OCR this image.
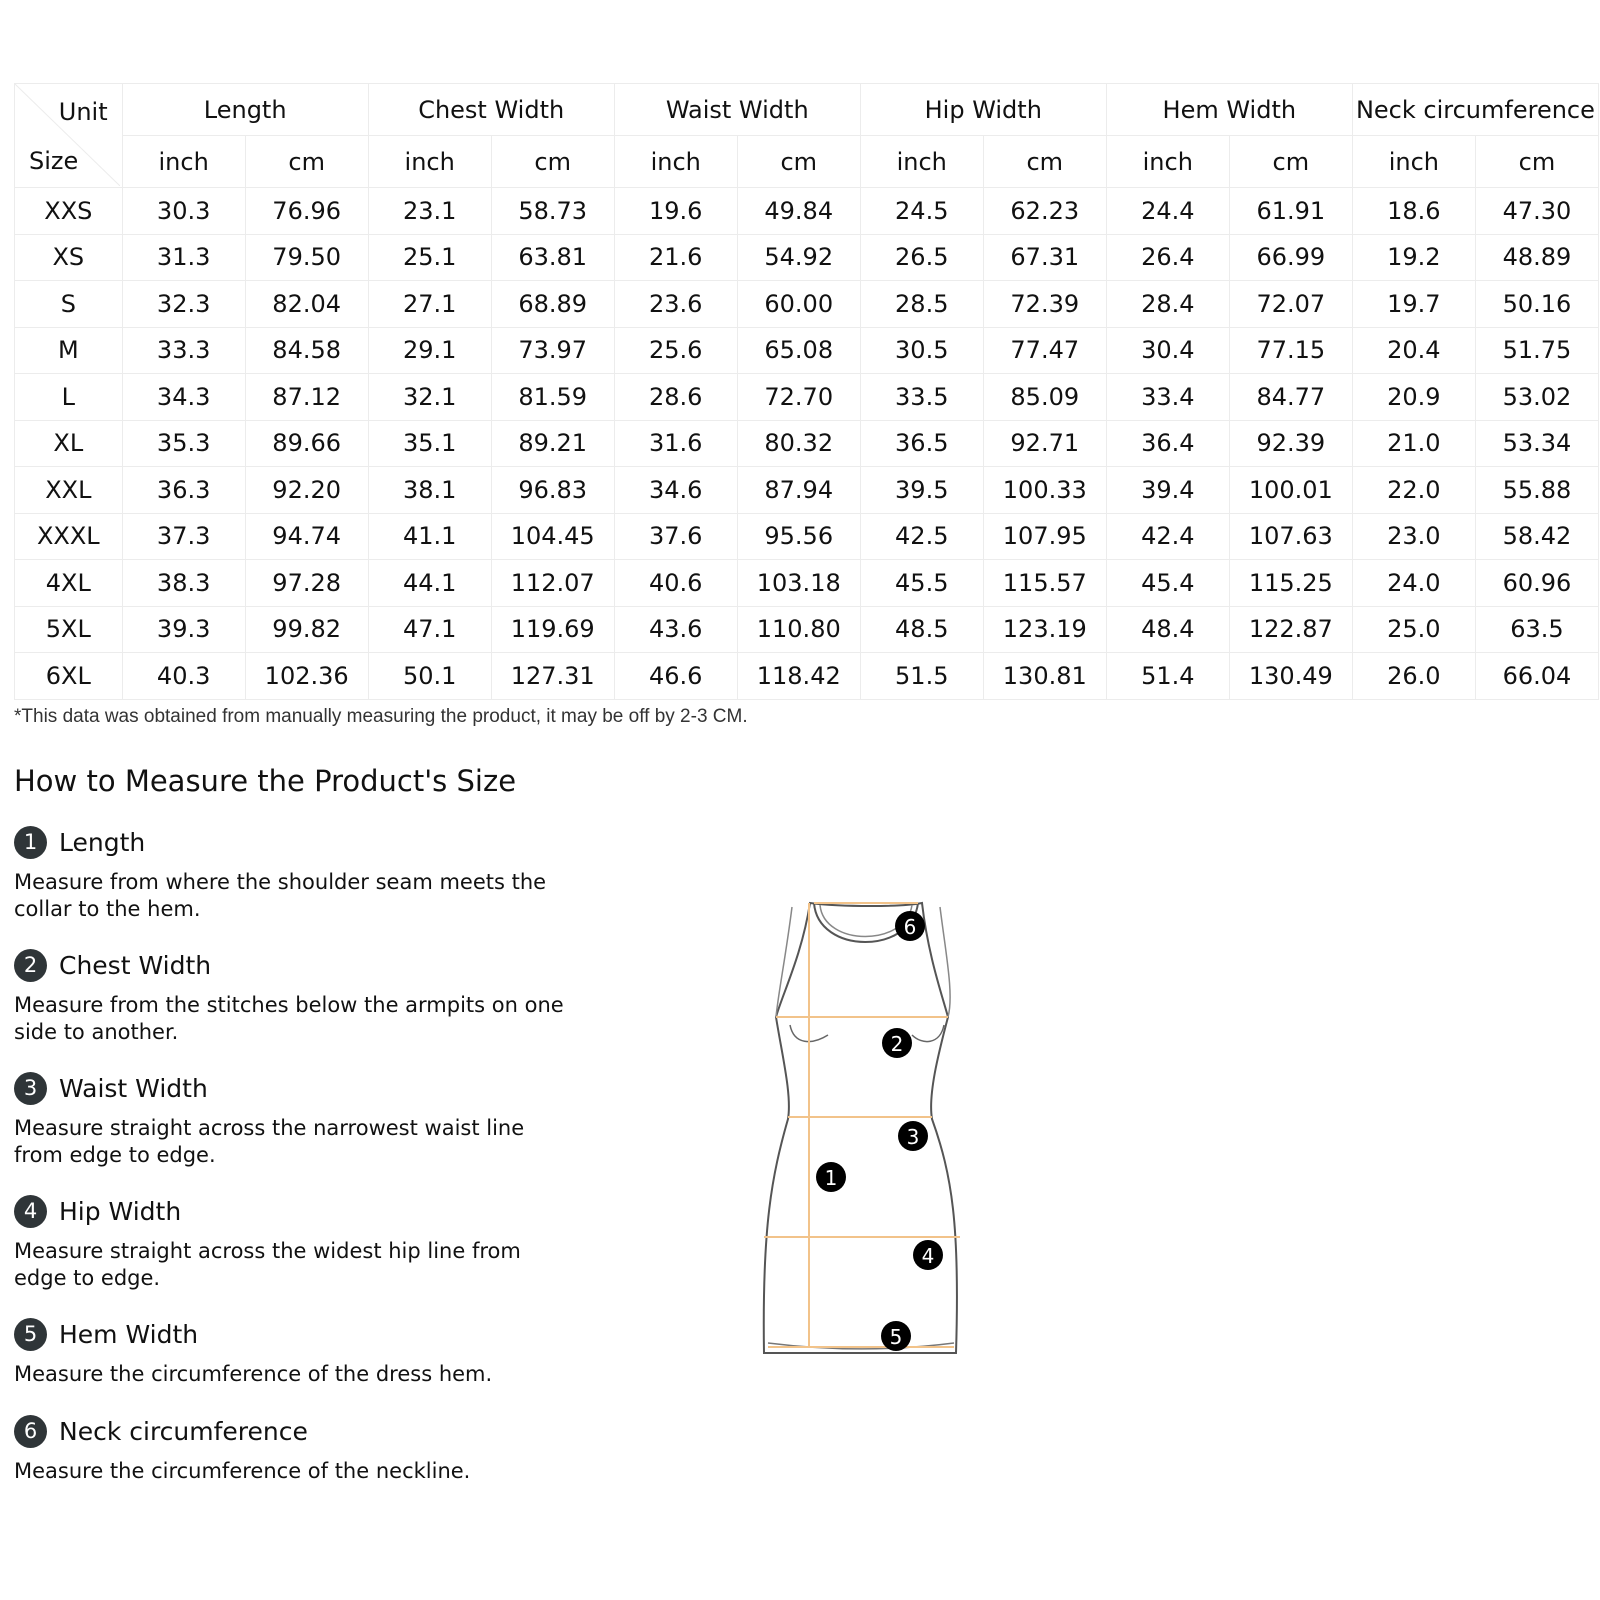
Unit
Size	Length		Chest Width		Waist Width		Hip Width		Hem Width		Neck circumference	
	inch	cm	inch	cm	inch	cm	inch	cm	inch	cm	inch	cm
XXS	30.3	76.96	23.1	58.73	19.6	49.84	24.5	62.23	24.4	61.91	18.6	47.30
XS	31.3	79.50	25.1	63.81	21.6	54.92	26.5	67.31	26.4	66.99	19.2	48.89
S	32.3	82.04	27.1	68.89	23.6	60.00	28.5	72.39	28.4	72.07	19.7	50.16
M	33.3	84.58	29.1	73.97	25.6	65.08	30.5	77.47	30.4	77.15	20.4	51.75
L	34.3	87.12	32.1	81.59	28.6	72.70	33.5	85.09	33.4	84.77	20.9	53.02
XL	35.3	89.66	35.1	89.21	31.6	80.32	36.5	92.71	36.4	92.39	21.0	53.34
XXL	36.3	92.20	38.1	96.83	34.6	87.94	39.5	100.33	39.4	100.01	22.0	55.88
XXXL	37.3	94.74	41.1	104.45	37.6	95.56	42.5	107.95	42.4	107.63	23.0	58.42
4XL	38.3	97.28	44.1	112.07	40.6	103.18	45.5	115.57	45.4	115.25	24.0	60.96
5XL	39.3	99.82	47.1	119.69	43.6	110.80	48.5	123.19	48.4	122.87	25.0	63.5
6XL	40.3	102.36	50.1	127.31	46.6	118.42	51.5	130.81	51.4	130.49	26.0	66.04
*This data was obtained from manually measuring the product, it may be off by 2-3 CM.
How to Measure the Product's Size
1 Length
Measure from where the shoulder seam meets the collar to the hem.
2 Chest Width
Measure from the stitches below the armpits on one side to another.
3 Waist Width
Measure straight across the narrowest waist line from edge to edge.
4 Hip Width
Measure straight across the widest hip line from edge to edge.
5 Hem Width
Measure the circumference of the dress hem.
6 Neck circumference
Measure the circumference of the neckline.
1
2
3
4
5
6
